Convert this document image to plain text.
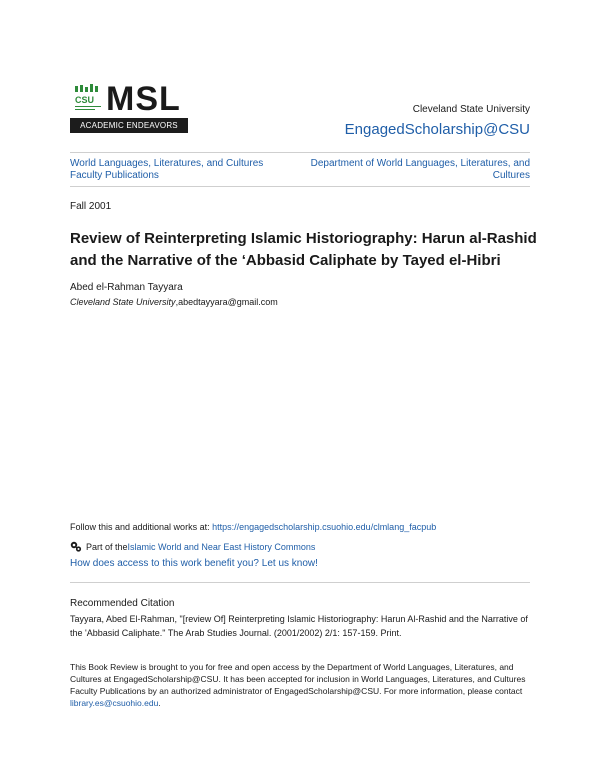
CSU MSL
ACADEMIC ENDEAVORS
Cleveland State University
EngagedScholarship@CSU
World Languages, Literatures, and Cultures Faculty Publications
Department of World Languages, Literatures, and Cultures
Fall 2001
Review of Reinterpreting Islamic Historiography: Harun al-Rashid and the Narrative of the ‘Abbasid Caliphate by Tayed el-Hibri
Abed el-Rahman Tayyara
Cleveland State University,abedtayyara@gmail.com
Follow this and additional works at: https://engagedscholarship.csuohio.edu/clmlang_facpub
Part of the Islamic World and Near East History Commons
How does access to this work benefit you? Let us know!
Recommended Citation
Tayyara, Abed El-Rahman, "[review Of] Reinterpreting Islamic Historiography: Harun Al-Rashid and the Narrative of the 'Abbasid Caliphate." The Arab Studies Journal. (2001/2002) 2/1: 157-159. Print.
This Book Review is brought to you for free and open access by the Department of World Languages, Literatures, and Cultures at EngagedScholarship@CSU. It has been accepted for inclusion in World Languages, Literatures, and Cultures Faculty Publications by an authorized administrator of EngagedScholarship@CSU. For more information, please contact library.es@csuohio.edu.
